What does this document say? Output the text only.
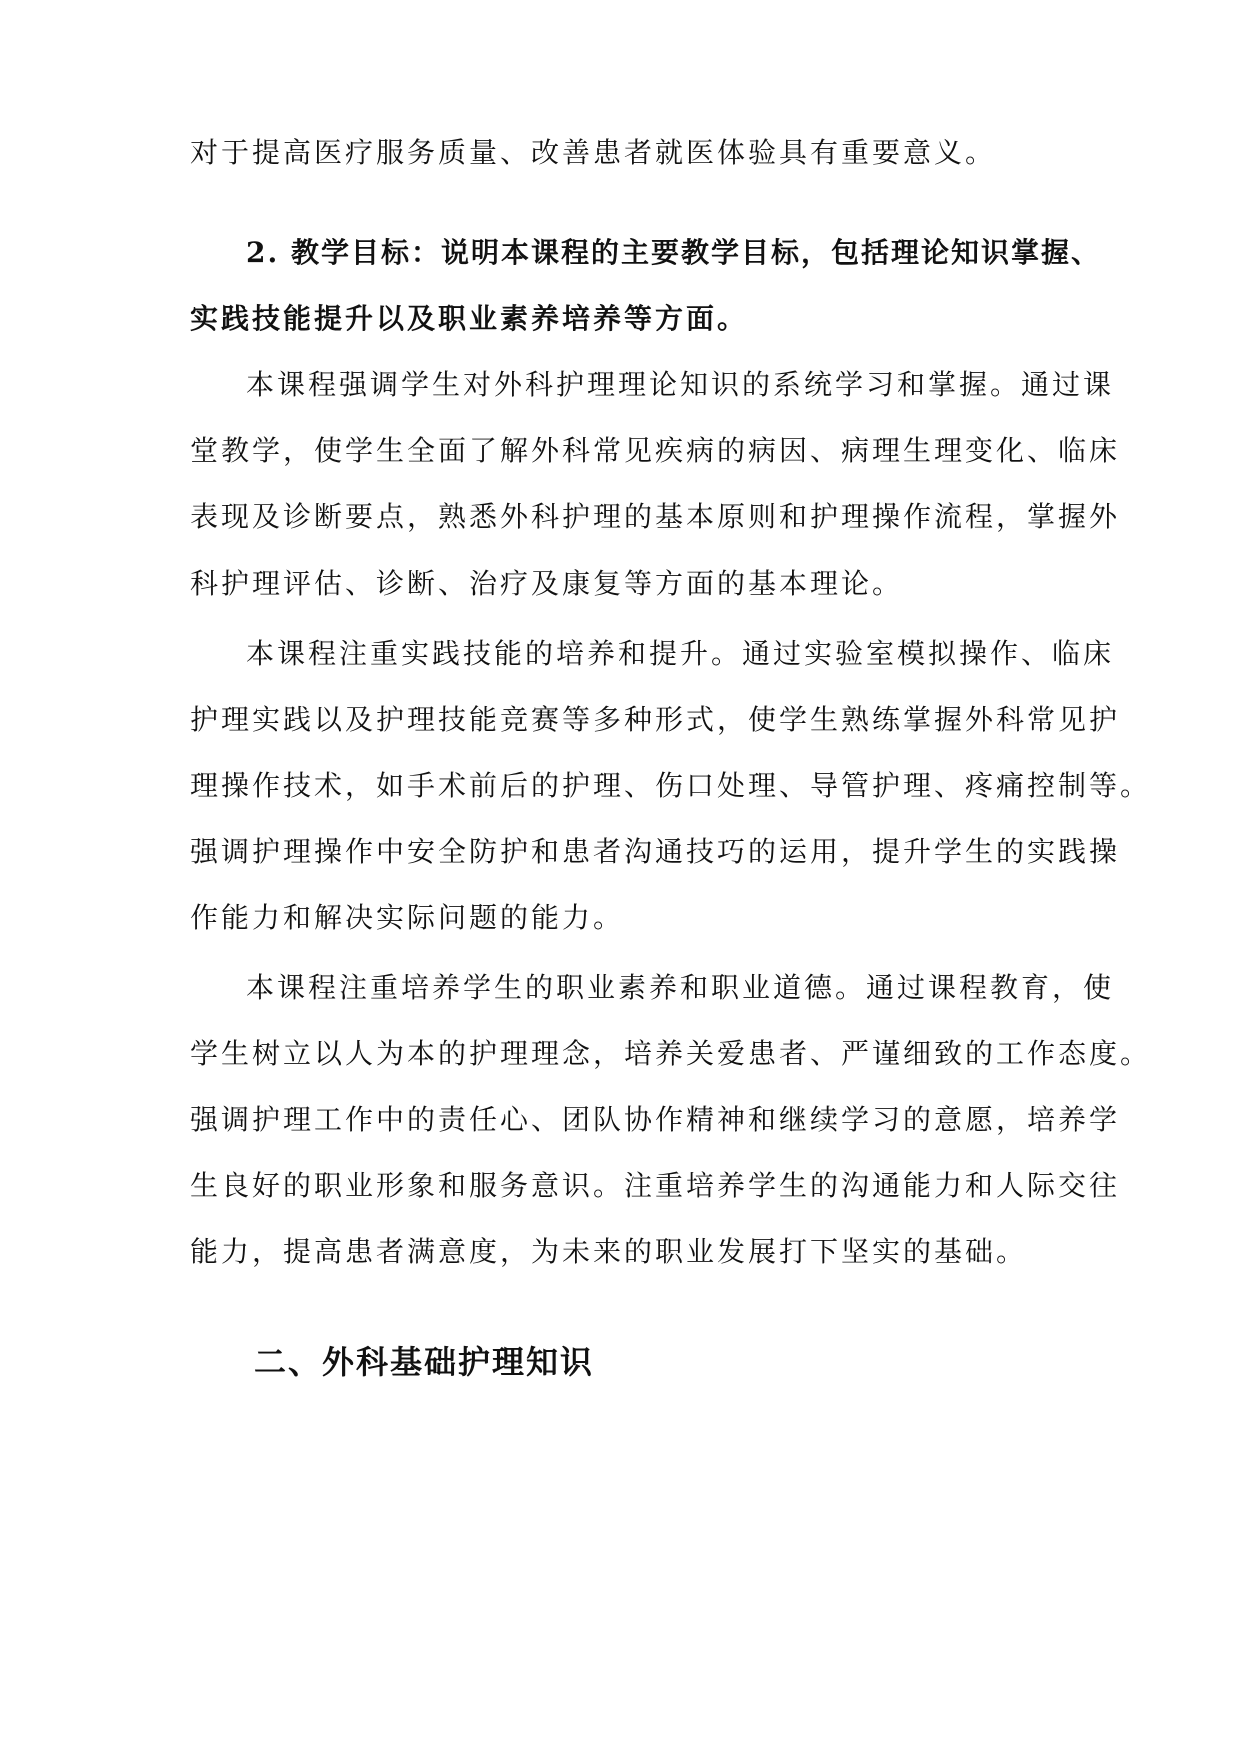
对于提高医疗服务质量、改善患者就医体验具有重要意义。
2. 教学目标：说明本课程的主要教学目标，包括理论知识掌握、
实践技能提升以及职业素养培养等方面。
本课程强调学生对外科护理理论知识的系统学习和掌握。通过课
堂教学，使学生全面了解外科常见疾病的病因、病理生理变化、临床
表现及诊断要点，熟悉外科护理的基本原则和护理操作流程，掌握外
科护理评估、诊断、治疗及康复等方面的基本理论。
本课程注重实践技能的培养和提升。通过实验室模拟操作、临床
护理实践以及护理技能竞赛等多种形式，使学生熟练掌握外科常见护
理操作技术，如手术前后的护理、伤口处理、导管护理、疼痛控制等。
强调护理操作中安全防护和患者沟通技巧的运用，提升学生的实践操
作能力和解决实际问题的能力。
本课程注重培养学生的职业素养和职业道德。通过课程教育，使
学生树立以人为本的护理理念，培养关爱患者、严谨细致的工作态度。
强调护理工作中的责任心、团队协作精神和继续学习的意愿，培养学
生良好的职业形象和服务意识。注重培养学生的沟通能力和人际交往
能力，提高患者满意度，为未来的职业发展打下坚实的基础。
二、外科基础护理知识
